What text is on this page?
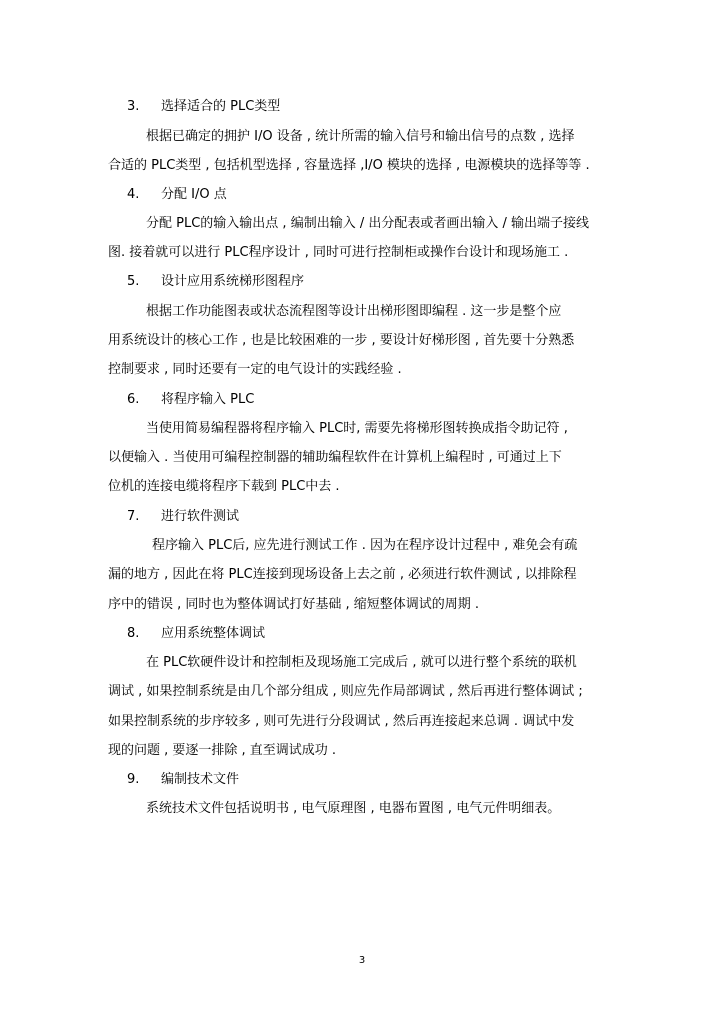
3. 选择适合的 PLC类型
根据已确定的拥护 I/O 设备 , 统计所需的输入信号和输出信号的点数 , 选择
合适的 PLC类型 , 包括机型选择 , 容量选择 ,I/O 模块的选择 , 电源模块的选择等等 .
4. 分配 I/O 点
分配 PLC的输入输出点 , 编制出输入 / 出分配表或者画出输入 / 输出端子接线
图. 接着就可以进行 PLC程序设计 , 同时可进行控制柜或操作台设计和现场施工 .
5. 设计应用系统梯形图程序
根据工作功能图表或状态流程图等设计出梯形图即编程 . 这一步是整个应
用系统设计的核心工作 , 也是比较困难的一步 , 要设计好梯形图 , 首先要十分熟悉
控制要求 , 同时还要有一定的电气设计的实践经验 .
6. 将程序输入 PLC
当使用简易编程器将程序输入 PLC时, 需要先将梯形图转换成指令助记符 ,
以便输入 . 当使用可编程控制器的辅助编程软件在计算机上编程时 , 可通过上下
位机的连接电缆将程序下载到 PLC中去 .
7. 进行软件测试
程序输入 PLC后, 应先进行测试工作 . 因为在程序设计过程中 , 难免会有疏
漏的地方 , 因此在将 PLC连接到现场设备上去之前 , 必须进行软件测试 , 以排除程
序中的错误 , 同时也为整体调试打好基础 , 缩短整体调试的周期 .
8. 应用系统整体调试
在 PLC软硬件设计和控制柜及现场施工完成后 , 就可以进行整个系统的联机
调试 , 如果控制系统是由几个部分组成 , 则应先作局部调试 , 然后再进行整体调试 ;
如果控制系统的步序较多 , 则可先进行分段调试 , 然后再连接起来总调 . 调试中发
现的问题 , 要逐一排除 , 直至调试成功 .
9. 编制技术文件
系统技术文件包括说明书 , 电气原理图 , 电器布置图 , 电气元件明细表。
3
